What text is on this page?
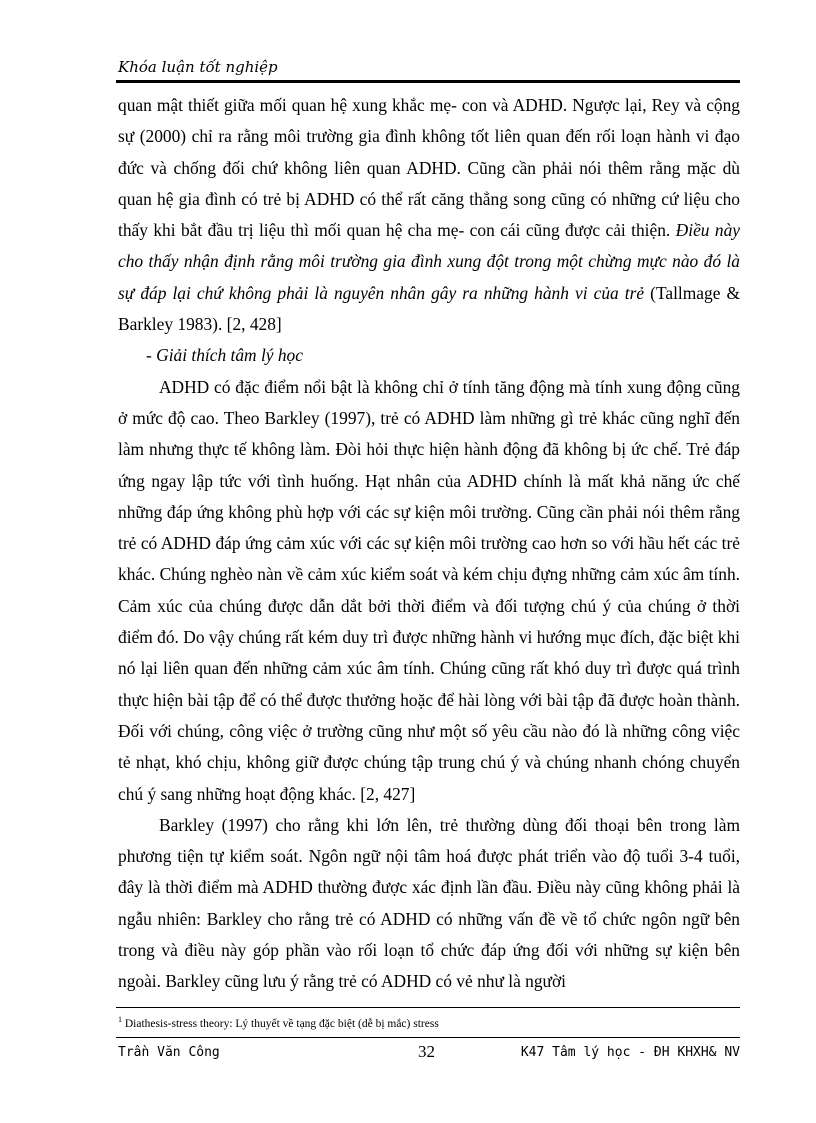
Khóa luận tốt nghiệp

quan mật thiết giữa mối quan hệ xung khắc mẹ- con và ADHD. Ngược lại, Rey và cộng sự (2000) chỉ ra rằng môi trường gia đình không tốt liên quan đến rối loạn hành vi đạo đức và chống đối chứ không liên quan ADHD. Cũng cần phải nói thêm rằng mặc dù quan hệ gia đình có trẻ bị ADHD có thể rất căng thẳng song cũng có những cứ liệu cho thấy khi bắt đầu trị liệu thì mối quan hệ cha mẹ- con cái cũng được cải thiện. Điều này cho thấy nhận định rằng môi trường gia đình xung đột trong một chừng mực nào đó là sự đáp lại chứ không phải là nguyên nhân gây ra những hành vi của trẻ (Tallmage & Barkley 1983). [2, 428]

- Giải thích tâm lý học

ADHD có đặc điểm nổi bật là không chỉ ở tính tăng động mà tính xung động cũng ở mức độ cao. Theo Barkley (1997), trẻ có ADHD làm những gì trẻ khác cũng nghĩ đến làm nhưng thực tế không làm. Đòi hỏi thực hiện hành động đã không bị ức chế. Trẻ đáp ứng ngay lập tức với tình huống. Hạt nhân của ADHD chính là mất khả năng ức chế những đáp ứng không phù hợp với các sự kiện môi trường. Cũng cần phải nói thêm rằng trẻ có ADHD đáp ứng cảm xúc với các sự kiện môi trường cao hơn so với hầu hết các trẻ khác. Chúng nghèo nàn về cảm xúc kiểm soát và kém chịu đựng những cảm xúc âm tính. Cảm xúc của chúng được dẫn dắt bởi thời điểm và đối tượng chú ý của chúng ở thời điểm đó. Do vậy chúng rất kém duy trì được những hành vi hướng mục đích, đặc biệt khi nó lại liên quan đến những cảm xúc âm tính. Chúng cũng rất khó duy trì được quá trình thực hiện bài tập để có thể được thưởng hoặc để hài lòng với bài tập đã được hoàn thành. Đối với chúng, công việc ở trường cũng như một số yêu cầu nào đó là những công việc tẻ nhạt, khó chịu, không giữ được chúng tập trung chú ý và chúng nhanh chóng chuyển chú ý sang những hoạt động khác. [2, 427]

Barkley (1997) cho rằng khi lớn lên, trẻ thường dùng đối thoại bên trong làm phương tiện tự kiểm soát. Ngôn ngữ nội tâm hoá được phát triển vào độ tuổi 3-4 tuổi, đây là thời điểm mà ADHD thường được xác định lần đầu. Điều này cũng không phải là ngẫu nhiên: Barkley cho rằng trẻ có ADHD có những vấn đề về tổ chức ngôn ngữ bên trong và điều này góp phần vào rối loạn tổ chức đáp ứng đối với những sự kiện bên ngoài. Barkley cũng lưu ý rằng trẻ có ADHD có vẻ như là người

$^1$ Diathesis-stress theory: Lý thuyết về tạng đặc biệt (dễ bị mắc) stress
Trần Văn Công	32	K47 Tâm lý học - ĐH KHXH& NV
